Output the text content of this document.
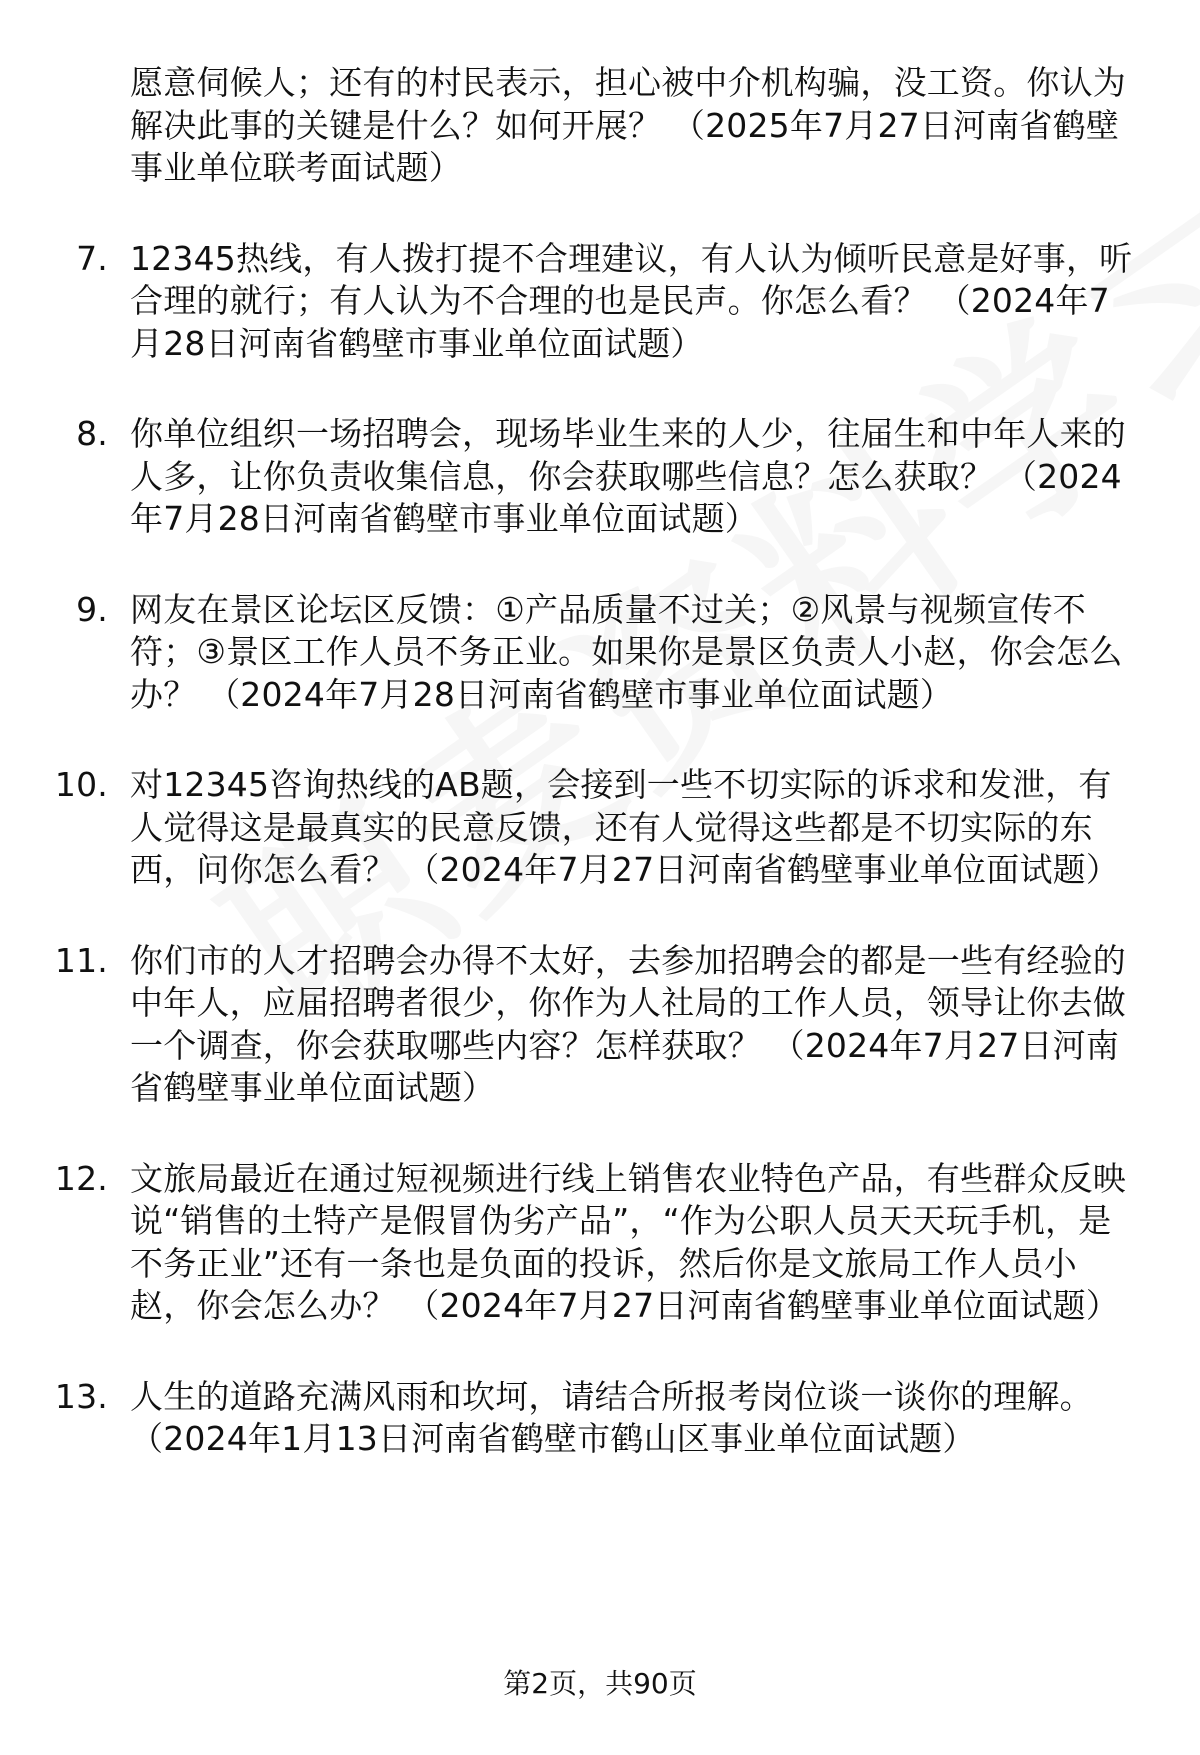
愿意伺候人；还有的村民表示，担心被中介机构骗，没工资。你认为解决此事的关键是什么？如何开展？ （2025年7月27日河南省鹤壁事业单位联考面试题）
7. 12345热线，有人拨打提不合理建议，有人认为倾听民意是好事，听合理的就行；有人认为不合理的也是民声。你怎么看？ （2024年7月28日河南省鹤壁市事业单位面试题）
8. 你单位组织一场招聘会，现场毕业生来的人少，往届生和中年人来的人多，让你负责收集信息，你会获取哪些信息？怎么获取？ （2024年7月28日河南省鹤壁市事业单位面试题）
9. 网友在景区论坛区反馈：①产品质量不过关；②风景与视频宣传不符；③景区工作人员不务正业。如果你是景区负责人小赵，你会怎么办？ （2024年7月28日河南省鹤壁市事业单位面试题）
10. 对12345咨询热线的AB题，会接到一些不切实际的诉求和发泄，有人觉得这是最真实的民意反馈，还有人觉得这些都是不切实际的东西，问你怎么看？ （2024年7月27日河南省鹤壁事业单位面试题）
11. 你们市的人才招聘会办得不太好，去参加招聘会的都是一些有经验的中年人，应届招聘者很少，你作为人社局的工作人员，领导让你去做一个调查，你会获取哪些内容？怎样获取？ （2024年7月27日河南省鹤壁事业单位面试题）
12. 文旅局最近在通过短视频进行线上销售农业特色产品，有些群众反映说“销售的土特产是假冒伪劣产品”，“作为公职人员天天玩手机，是不务正业”还有一条也是负面的投诉，然后你是文旅局工作人员小赵，你会怎么办？ （2024年7月27日河南省鹤壁事业单位面试题）
13. 人生的道路充满风雨和坎坷，请结合所报考岗位谈一谈你的理解。 （2024年1月13日河南省鹤壁市鹤山区事业单位面试题）
第2页，共90页
